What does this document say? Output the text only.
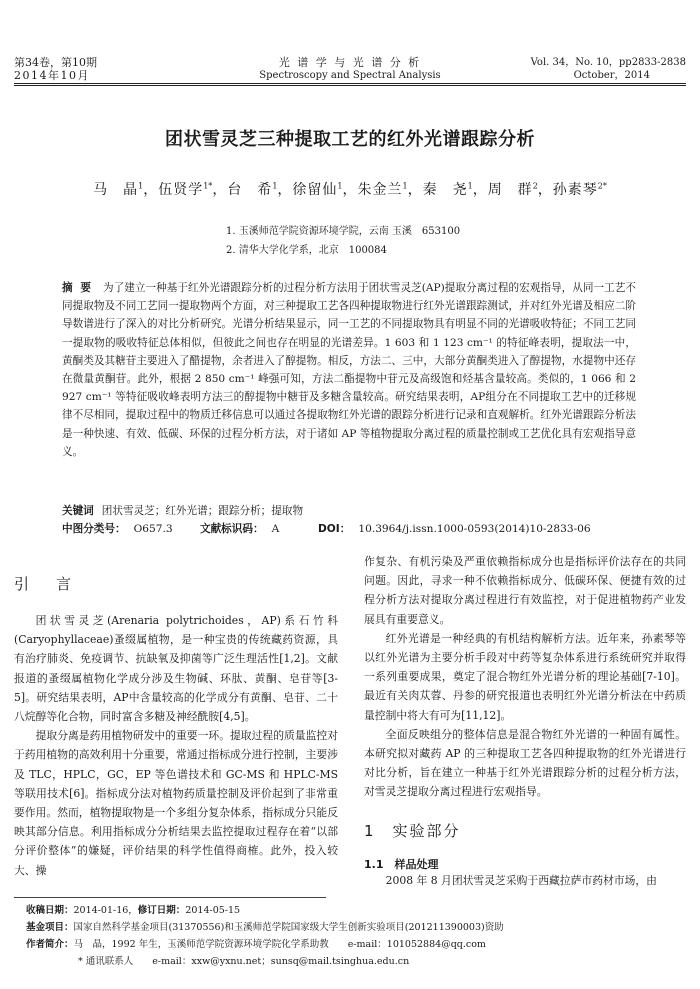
第34卷，第10期
2014年10月
光 谱 学 与 光 谱 分 析
Spectroscopy and Spectral Analysis
Vol. 34，No. 10，pp2833-2838
October，2014
团状雪灵芝三种提取工艺的红外光谱跟踪分析
马　晶$^1$，伍贤学$^{1*}$，台　希$^1$，徐留仙$^1$，朱金兰$^1$，秦　尧$^1$，周　群$^2$，孙素琴$^{2*}$
1. 玉溪师范学院资源环境学院，云南 玉溪　653100
2. 清华大学化学系，北京　100084
摘 要 为了建立一种基于红外光谱跟踪分析的过程分析方法用于团状雪灵芝(AP)提取分离过程的宏观指导，从同一工艺不同提取物及不同工艺同一提取物两个方面，对三种提取工艺各四种提取物进行红外光谱跟踪测试，并对红外光谱及相应二阶导数谱进行了深入的对比分析研究。光谱分析结果显示，同一工艺的不同提取物具有明显不同的光谱吸收特征；不同工艺同一提取物的吸收特征总体相似，但彼此之间也存在明显的光谱差异。1 603 和 1 123 cm⁻¹ 的特征峰表明，提取法一中，黄酮类及其糖苷主要进入了醋提物，余者进入了醇提物。相反，方法二、三中，大部分黄酮类进入了醇提物，水提物中还存在微量黄酮苷。此外，根据 2 850 cm⁻¹ 峰强可知，方法二酯提物中苷元及高级饱和烃基含量较高。类似的，1 066 和 2 927 cm⁻¹ 等特征吸收峰表明方法三的醇提物中糖苷及多糖含量较高。研究结果表明，AP组分在不同提取工艺中的迁移规律不尽相同，提取过程中的物质迁移信息可以通过各提取物红外光谱的跟踪分析进行记录和直观解析。红外光谱跟踪分析法是一种快速、有效、低碳、环保的过程分析方法，对于诸如 AP 等植物提取分离过程的质量控制或工艺优化具有宏观指导意义。
关键词 团状雪灵芝；红外光谱；跟踪分析；提取物
中图分类号： O657.3	文献标识码： A	DOI： 10.3964/j.issn.1000-0593(2014)10-2833-06
引　言

团状雪灵芝(Arenaria polytrichoides，AP)系石竹科(Caryophyllaceae)蚤缀属植物，是一种宝贵的传统藏药资源，具有治疗肺炎、免疫调节、抗缺氧及抑菌等广泛生理活性[1,2]。文献报道的蚤缀属植物化学成分涉及生物碱、环肽、黄酮、皂苷等[3-5]。研究结果表明，AP中含量较高的化学成分有黄酮、皂苷、二十八烷醇等化合物，同时富含多糖及神经酰胺[4,5]。

提取分离是药用植物研发中的重要一环。提取过程的质量监控对于药用植物的高效利用十分重要，常通过指标成分进行控制，主要涉及 TLC，HPLC，GC，EP 等色谱技术和 GC-MS 和 HPLC-MS 等联用技术[6]。指标成分法对植物药质量控制及评价起到了非常重要作用。然而，植物提取物是一个多组分复杂体系，指标成分只能反映其部分信息。利用指标成分分析结果去监控提取过程存在着“以部分评价整体”的嫌疑，评价结果的科学性值得商榷。此外，投入较大、操

作复杂、有机污染及严重依赖指标成分也是指标评价法存在的共同问题。因此，寻求一种不依赖指标成分、低碳环保、便捷有效的过程分析方法对提取分离过程进行有效监控，对于促进植物药产业发展具有重要意义。

红外光谱是一种经典的有机结构解析方法。近年来，孙素琴等以红外光谱为主要分析手段对中药等复杂体系进行系统研究并取得一系列重要成果，奠定了混合物红外光谱分析的理论基础[7-10]。最近有关肉苁蓉、丹参的研究报道也表明红外光谱分析法在中药质量控制中将大有可为[11,12]。

全面反映组分的整体信息是混合物红外光谱的一种固有属性。本研究拟对藏药 AP 的三种提取工艺各四种提取物的红外光谱进行对比分析，旨在建立一种基于红外光谱跟踪分析的过程分析方法，对雪灵芝提取分离过程进行宏观指导。

1　实验部分
1.1　样品处理

2008 年 8 月团状雪灵芝采购于西藏拉萨市药材市场，由

收稿日期：2014-01-16，修订日期：2014-05-15
基金项目：国家自然科学基金项目(31370556)和玉溪师范学院国家级大学生创新实验项目(201211390003)资助
作者简介：马　晶，1992 年生，玉溪师范学院资源环境学院化学系助教　　e-mail：101052884@qq.com
* 通讯联系人　　e-mail：xxw@yxnu.net；sunsq@mail.tsinghua.edu.cn
